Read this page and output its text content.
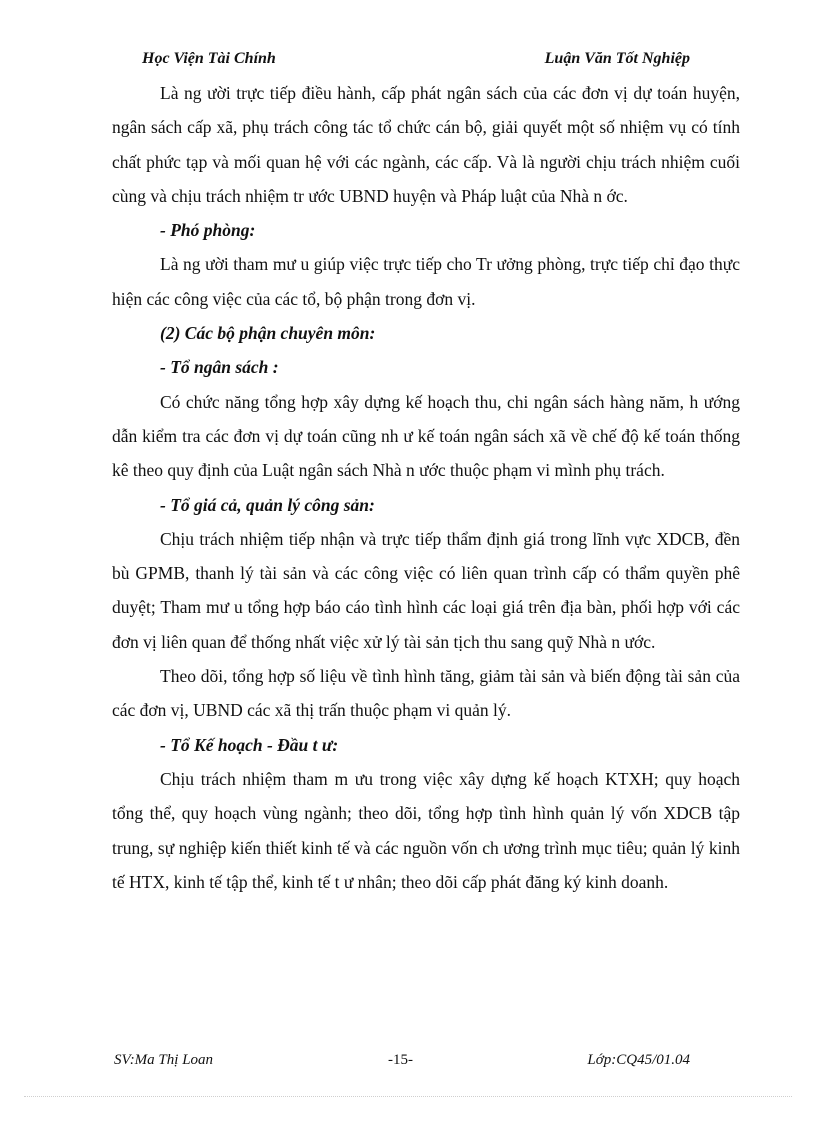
Học Viện Tài Chính	Luận Văn Tốt Nghiệp

Là ng ười trực tiếp điều hành, cấp phát ngân sách của các đơn vị dự toán huyện, ngân sách cấp xã, phụ trách công tác tổ chức cán bộ, giải quyết một số nhiệm vụ có tính chất phức tạp và mối quan hệ với các ngành, các cấp. Và là người chịu trách nhiệm cuối cùng và chịu trách nhiệm tr ước UBND huyện và Pháp luật của Nhà n ớc.

- Phó phòng:

Là ng ười tham mư u giúp việc trực tiếp cho Tr ưởng phòng, trực tiếp chỉ đạo thực hiện các công việc của các tổ, bộ phận trong đơn vị.

(2) Các bộ phận chuyên môn:

- Tổ ngân sách :

Có chức năng tổng hợp xây dựng kế hoạch thu, chi ngân sách hàng năm, h ướng dẫn kiểm tra các đơn vị dự toán cũng nh ư kế toán ngân sách xã về chế độ kế toán thống kê theo quy định của Luật ngân sách Nhà n ước thuộc phạm vi mình phụ trách.

- Tổ giá cả, quản lý công sản:

Chịu trách nhiệm tiếp nhận và trực tiếp thẩm định giá trong lĩnh vực XDCB, đền bù GPMB, thanh lý tài sản và các công việc có liên quan trình cấp có thẩm quyền phê duyệt; Tham mư u tổng hợp báo cáo tình hình các loại giá trên địa bàn, phối hợp với các đơn vị liên quan để thống nhất việc xử lý tài sản tịch thu sang quỹ Nhà n ước.

Theo dõi, tổng hợp số liệu về tình hình tăng, giảm tài sản và biến động tài sản của các đơn vị, UBND các xã thị trấn thuộc phạm vi quản lý.

- Tổ Kế hoạch - Đầu t ư:

Chịu trách nhiệm tham m ưu trong việc xây dựng kế hoạch KTXH; quy hoạch tổng thể, quy hoạch vùng ngành; theo dõi, tổng hợp tình hình quản lý vốn XDCB tập trung, sự nghiệp kiến thiết kinh tế và các nguồn vốn ch ương trình mục tiêu; quản lý kinh tế HTX, kinh tế tập thể, kinh tế t ư nhân; theo dõi cấp phát đăng ký kinh doanh.

SV:Ma Thị Loan	-15-	Lớp:CQ45/01.04
